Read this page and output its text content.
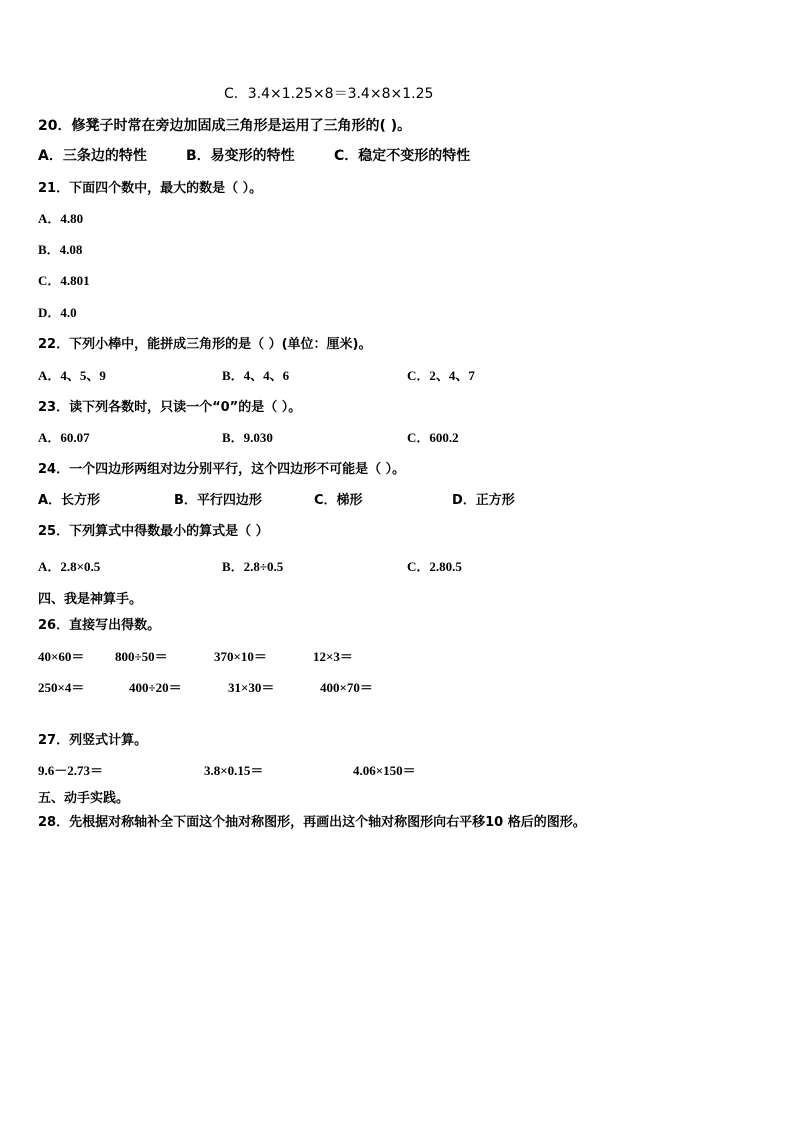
C．3.4×1.25×8＝3.4×8×1.25
20．修凳子时常在旁边加固成三角形是运用了三角形的( )。
A．三条边的特性	B．易变形的特性	C．稳定不变形的特性
21．下面四个数中，最大的数是（ ）。
A．4.80
B．4.08
C．4.801
D．4.0
22．下列小棒中，能拼成三角形的是（ ）(单位：厘米)。
A．4、5、9	B．4、4、6	C．2、4、7
23．读下列各数时，只读一个“0”的是（ ）。
A．60.07	B．9.030	C．600.2
24．一个四边形两组对边分别平行，这个四边形不可能是（ ）。
A．长方形	B．平行四边形	C．梯形	D．正方形
25．下列算式中得数最小的算式是（ ）
A．2.8×0.5	B．2.8÷0.5	C．2.80.5
四、我是神算手。
26．直接写出得数。
40×60＝ 800÷50＝	370×10＝	12×3＝
250×4＝	400÷20＝	31×30＝	400×70＝
27．列竖式计算。
9.6－2.73＝	3.8×0.15＝	4.06×150＝
五、动手实践。
28．先根据对称轴补全下面这个抽对称图形，再画出这个轴对称图形向右平移10 格后的图形。
